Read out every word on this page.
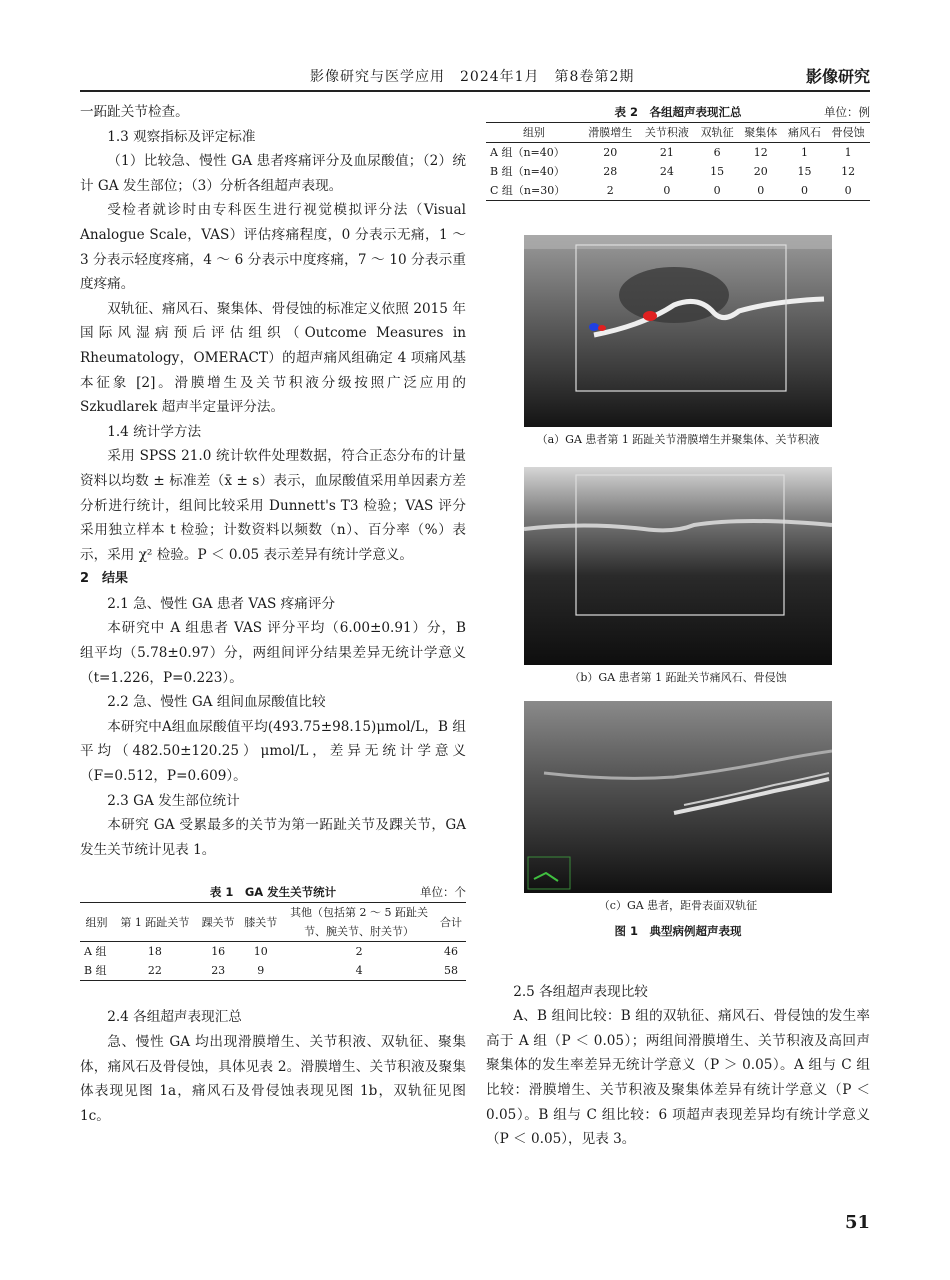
影像研究与医学应用　2024年1月　第8卷第2期	影像研究

一跖趾关节检查。

1.3 观察指标及评定标准

（1）比较急、慢性 GA 患者疼痛评分及血尿酸值；（2）统计 GA 发生部位；（3）分析各组超声表现。

受检者就诊时由专科医生进行视觉模拟评分法（Visual Analogue Scale，VAS）评估疼痛程度，0 分表示无痛，1 ～ 3 分表示轻度疼痛，4 ～ 6 分表示中度疼痛，7 ～ 10 分表示重度疼痛。

双轨征、痛风石、聚集体、骨侵蚀的标准定义依照 2015 年国际风湿病预后评估组织（Outcome Measures in Rheumatology，OMERACT）的超声痛风组确定 4 项痛风基本征象 [2]。滑膜增生及关节积液分级按照广泛应用的 Szkudlarek 超声半定量评分法。

1.4 统计学方法

采用 SPSS 21.0 统计软件处理数据，符合正态分布的计量资料以均数 ± 标准差（x̄ ± s）表示，血尿酸值采用单因素方差分析进行统计，组间比较采用 Dunnett's T3 检验；VAS 评分采用独立样本 t 检验；计数资料以频数（n）、百分率（%）表示，采用 χ² 检验。P ＜ 0.05 表示差异有统计学意义。

2　结果

2.1 急、慢性 GA 患者 VAS 疼痛评分

本研究中 A 组患者 VAS 评分平均（6.00±0.91）分，B 组平均（5.78±0.97）分，两组间评分结果差异无统计学意义（t=1.226，P=0.223）。

2.2 急、慢性 GA 组间血尿酸值比较

本研究中A组血尿酸值平均(493.75±98.15)μmol/L，B 组平均（482.50±120.25）μmol/L，差异无统计学意义（F=0.512，P=0.609）。

2.3 GA 发生部位统计

本研究 GA 受累最多的关节为第一跖趾关节及踝关节，GA 发生关节统计见表 1。

表 1　GA 发生关节统计	单位：个
组别	第 1 跖趾关节	踝关节	膝关节	其他（包括第 2 ～ 5 跖趾关节、腕关节、肘关节）	合计
A 组	18	16	10	2	46
B 组	22	23	9	4	58

2.4 各组超声表现汇总

急、慢性 GA 均出现滑膜增生、关节积液、双轨征、聚集体，痛风石及骨侵蚀，具体见表 2。滑膜增生、关节积液及聚集体表现见图 1a，痛风石及骨侵蚀表现见图 1b，双轨征见图 1c。

表 2　各组超声表现汇总	单位：例
组别	滑膜增生	关节积液	双轨征	聚集体	痛风石	骨侵蚀
A 组（n=40）	20	21	6	12	1	1
B 组（n=40）	28	24	15	20	15	12
C 组（n=30）	2	0	0	0	0	0
（a）GA 患者第 1 跖趾关节滑膜增生并聚集体、关节积液
（b）GA 患者第 1 跖趾关节痛风石、骨侵蚀
（c）GA 患者，距骨表面双轨征
图 1　典型病例超声表现

2.5 各组超声表现比较

A、B 组间比较：B 组的双轨征、痛风石、骨侵蚀的发生率高于 A 组（P ＜ 0.05）；两组间滑膜增生、关节积液及高回声聚集体的发生率差异无统计学意义（P ＞ 0.05）。A 组与 C 组比较：滑膜增生、关节积液及聚集体差异有统计学意义（P ＜ 0.05）。B 组与 C 组比较：6 项超声表现差异均有统计学意义（P ＜ 0.05），见表 3。

51
